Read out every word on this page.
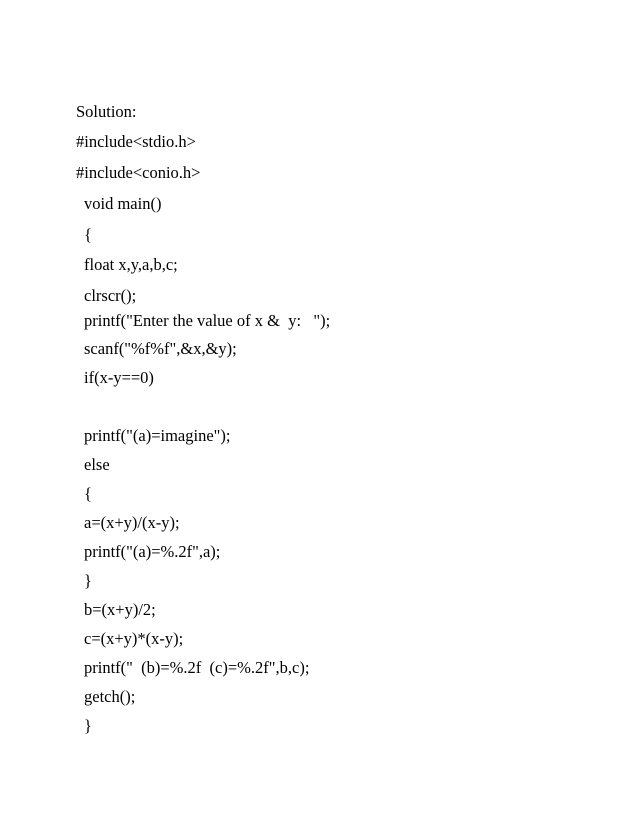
Solution:

#include<stdio.h>

#include<conio.h>

void main()

{

float x,y,a,b,c;

clrscr();

printf("Enter the value of x &  y:   ");

scanf("%f%f",&x,&y);

if(x-y==0)

printf("(a)=imagine");

else

{

a=(x+y)/(x-y);

printf("(a)=%.2f",a);

}

b=(x+y)/2;

c=(x+y)*(x-y);

printf("  (b)=%.2f  (c)=%.2f",b,c);

getch();

}
